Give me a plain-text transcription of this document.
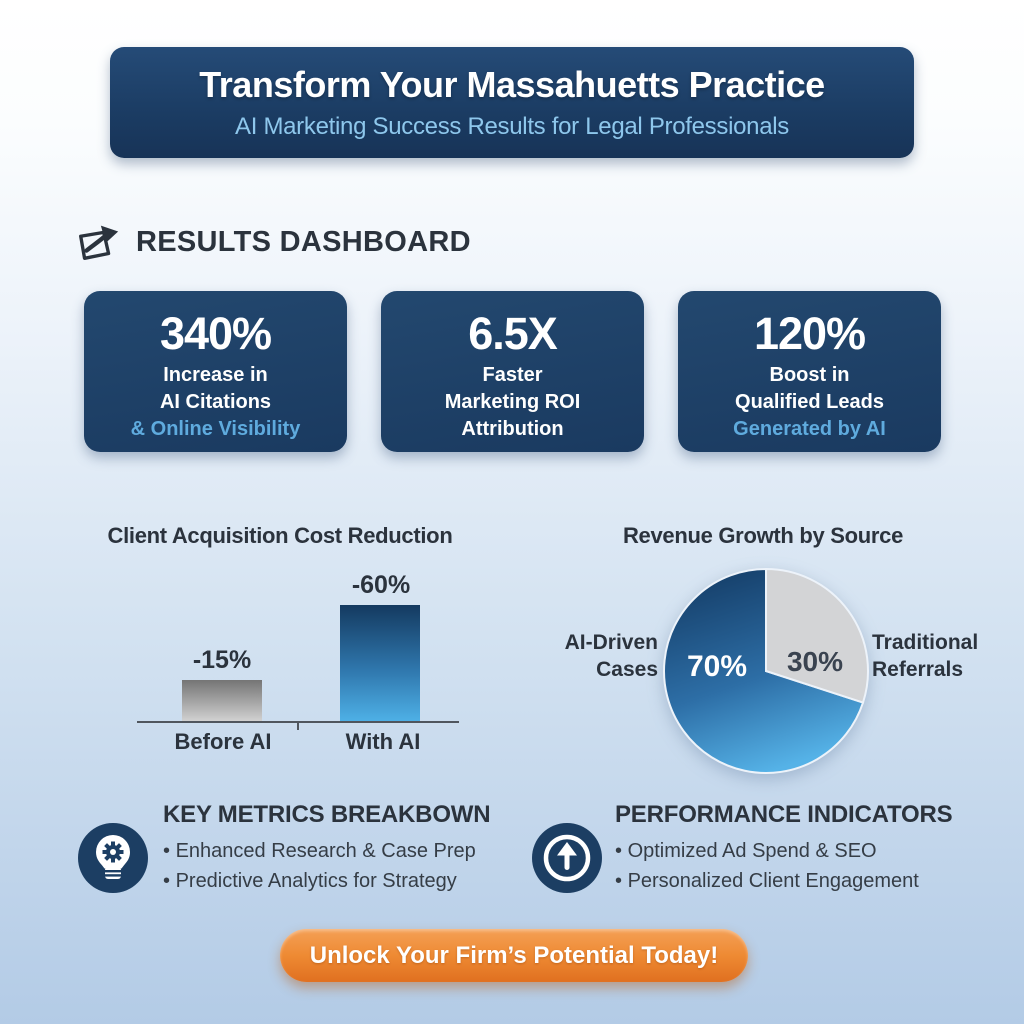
Transform Your Massahuetts Practice
AI Marketing Success Results for Legal Professionals
RESULTS DASHBOARD
340%
Increase in
AI Citations
& Online Visibility
6.5X
Faster
Marketing ROI
Attribution
120%
Boost in
Qualified Leads
Generated by AI
Client Acquisition Cost Reduction
-15%
-60%
Before AI	With AI
Revenue Growth by Source
70%	30%
AI-Driven
Cases
Traditional
Referrals
KEY METRICS BREAKBOWN
• Enhanced Research & Case Prep
• Predictive Analytics for Strategy
PERFORMANCE INDICATORS
• Optimized Ad Spend & SEO
• Personalized Client Engagement
Unlock Your Firm’s Potential Today!
